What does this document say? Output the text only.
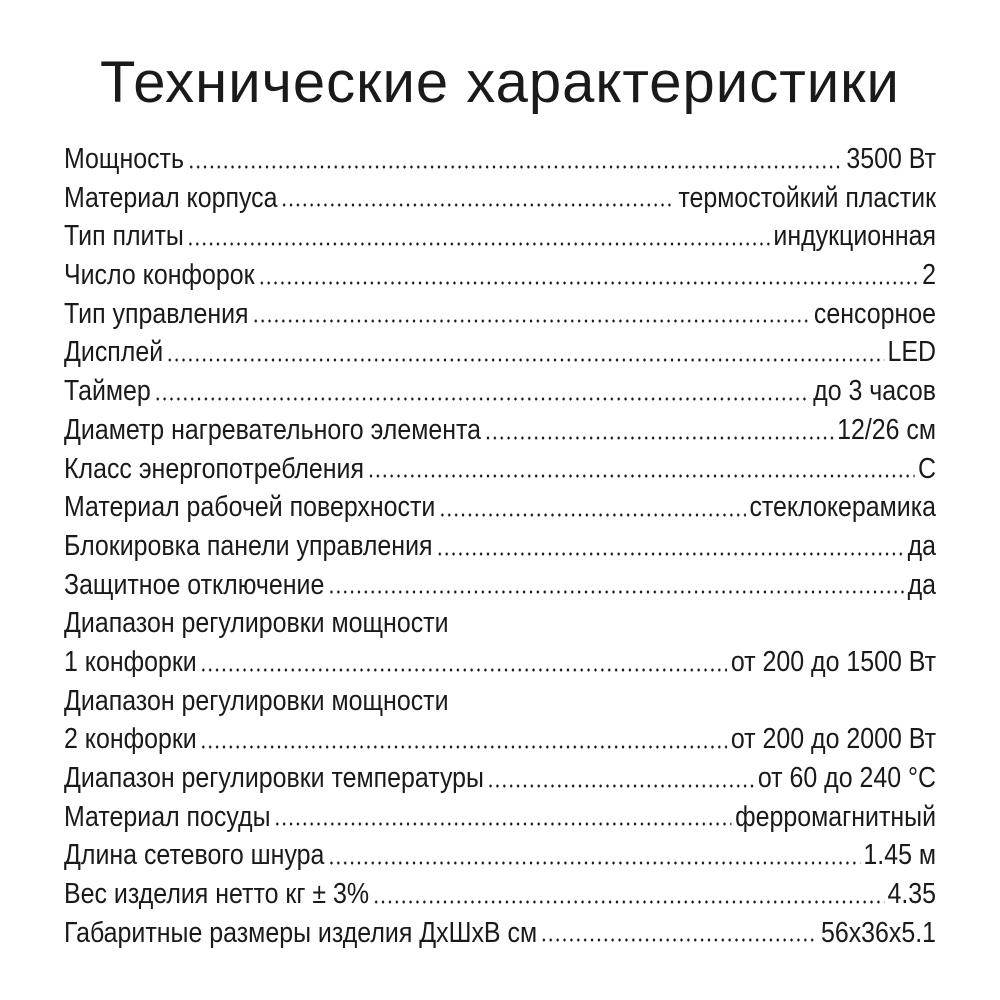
Технические характеристики
Мощность	3500 Вт
Материал корпуса	термостойкий пластик
Тип плиты	индукционная
Число конфорок	2
Тип управления	сенсорное
Дисплей	LED
Таймер	до 3 часов
Диаметр нагревательного элемента	12/26 см
Класс энергопотребления	С
Материал рабочей поверхности	стеклокерамика
Блокировка панели управления	да
Защитное отключение	да
Диапазон регулировки мощности
1 конфорки	от 200 до 1500 Вт
Диапазон регулировки мощности
2 конфорки	от 200 до 2000 Вт
Диапазон регулировки температуры	от 60 до 240 °С
Материал посуды	ферромагнитный
Длина сетевого шнура	1.45 м
Вес изделия нетто кг ± 3%	4.35
Габаритные размеры изделия ДхШхВ см	56х36х5.1
